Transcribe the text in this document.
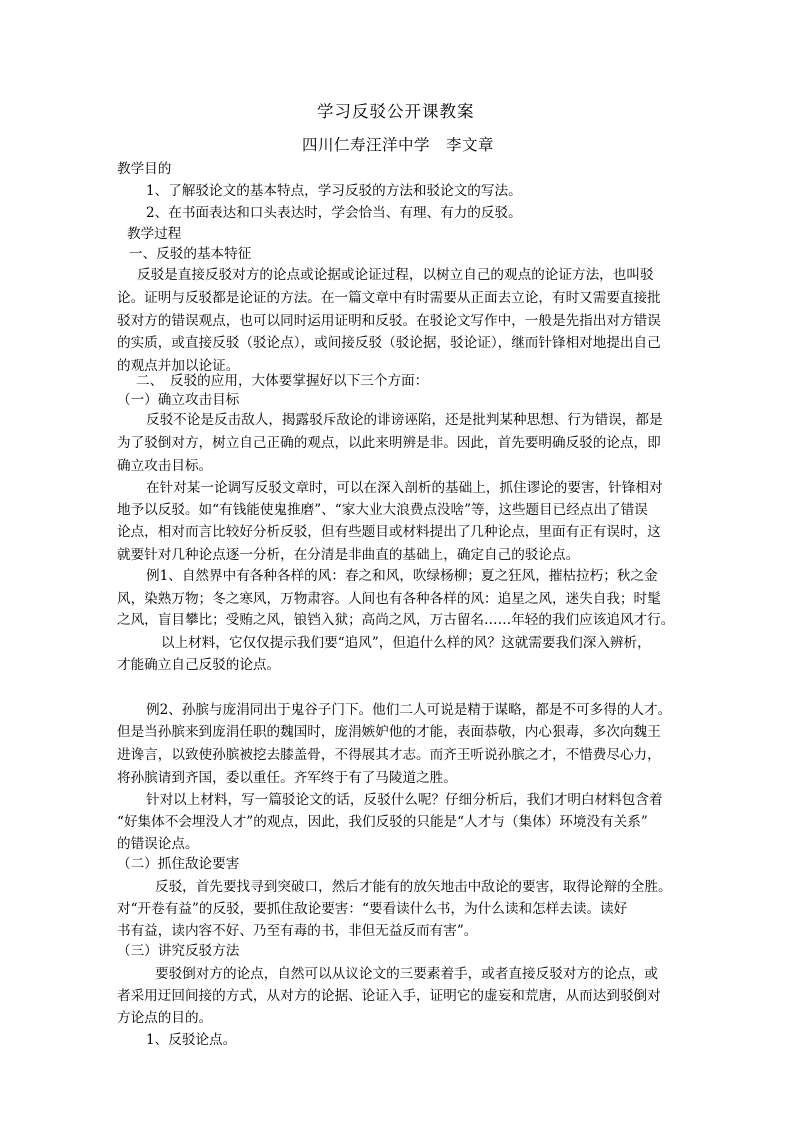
学习反驳公开课教案
四川仁寿汪洋中学　李文章
教学目的
1、了解驳论文的基本特点，学习反驳的方法和驳论文的写法。
2、在书面表达和口头表达时，学会恰当、有理、有力的反驳。
教学过程
一、反驳的基本特征
反驳是直接反驳对方的论点或论据或论证过程，以树立自己的观点的论证方法，也叫驳
论。证明与反驳都是论证的方法。在一篇文章中有时需要从正面去立论，有时又需要直接批
驳对方的错误观点，也可以同时运用证明和反驳。在驳论文写作中，一般是先指出对方错误
的实质，或直接反驳（驳论点），或间接反驳（驳论据，驳论证），继而针锋相对地提出自己
的观点并加以论证。
二、　反驳的应用，大体要掌握好以下三个方面：
（一）确立攻击目标
反驳不论是反击敌人，揭露驳斥敌论的诽谤诬陷，还是批判某种思想、行为错误，都是
为了驳倒对方，树立自己正确的观点，以此来明辨是非。因此，首先要明确反驳的论点，即
确立攻击目标。
在针对某一论调写反驳文章时，可以在深入剖析的基础上，抓住谬论的要害，针锋相对
地予以反驳。如“有钱能使鬼推磨”、“家大业大浪费点没啥”等，这些题目已经点出了错误
论点，相对而言比较好分析反驳，但有些题目或材料提出了几种论点，里面有正有误时，这
就要针对几种论点逐一分析，在分清是非曲直的基础上，确定自己的驳论点。
例1、自然界中有各种各样的风：春之和风，吹绿杨柳；夏之狂风，摧枯拉朽；秋之金
风，染熟万物；冬之寒风，万物肃容。人间也有各种各样的风：追星之风，迷失自我；时髦
之风，盲目攀比；受贿之风，锒铛入狱；高尚之风，万古留名……年轻的我们应该追风才行。
以上材料，它仅仅提示我们要“追风”，但追什么样的风？这就需要我们深入辨析，
才能确立自己反驳的论点。
例2、孙膑与庞涓同出于鬼谷子门下。他们二人可说是精于谋略，都是不可多得的人才。
但是当孙膑来到庞涓任职的魏国时，庞涓嫉妒他的才能，表面恭敬，内心狠毒，多次向魏王
进谗言，以致使孙膑被挖去膝盖骨，不得展其才志。而齐王听说孙膑之才，不惜费尽心力，
将孙膑请到齐国，委以重任。齐军终于有了马陵道之胜。
针对以上材料，写一篇驳论文的话，反驳什么呢？仔细分析后，我们才明白材料包含着
“好集体不会埋没人才”的观点，因此，我们反驳的只能是“人才与（集体）环境没有关系”
的错误论点。
（二）抓住敌论要害
反驳，首先要找寻到突破口，然后才能有的放矢地击中敌论的要害，取得论辩的全胜。
对“开卷有益”的反驳，要抓住敌论要害：“要看读什么书，为什么读和怎样去读。读好
书有益，读内容不好、乃至有毒的书，非但无益反而有害”。
（三）讲究反驳方法
要驳倒对方的论点，自然可以从议论文的三要素着手，或者直接反驳对方的论点，或
者采用迂回间接的方式，从对方的论据、论证入手，证明它的虚妄和荒唐，从而达到驳倒对
方论点的目的。
1、反驳论点。
